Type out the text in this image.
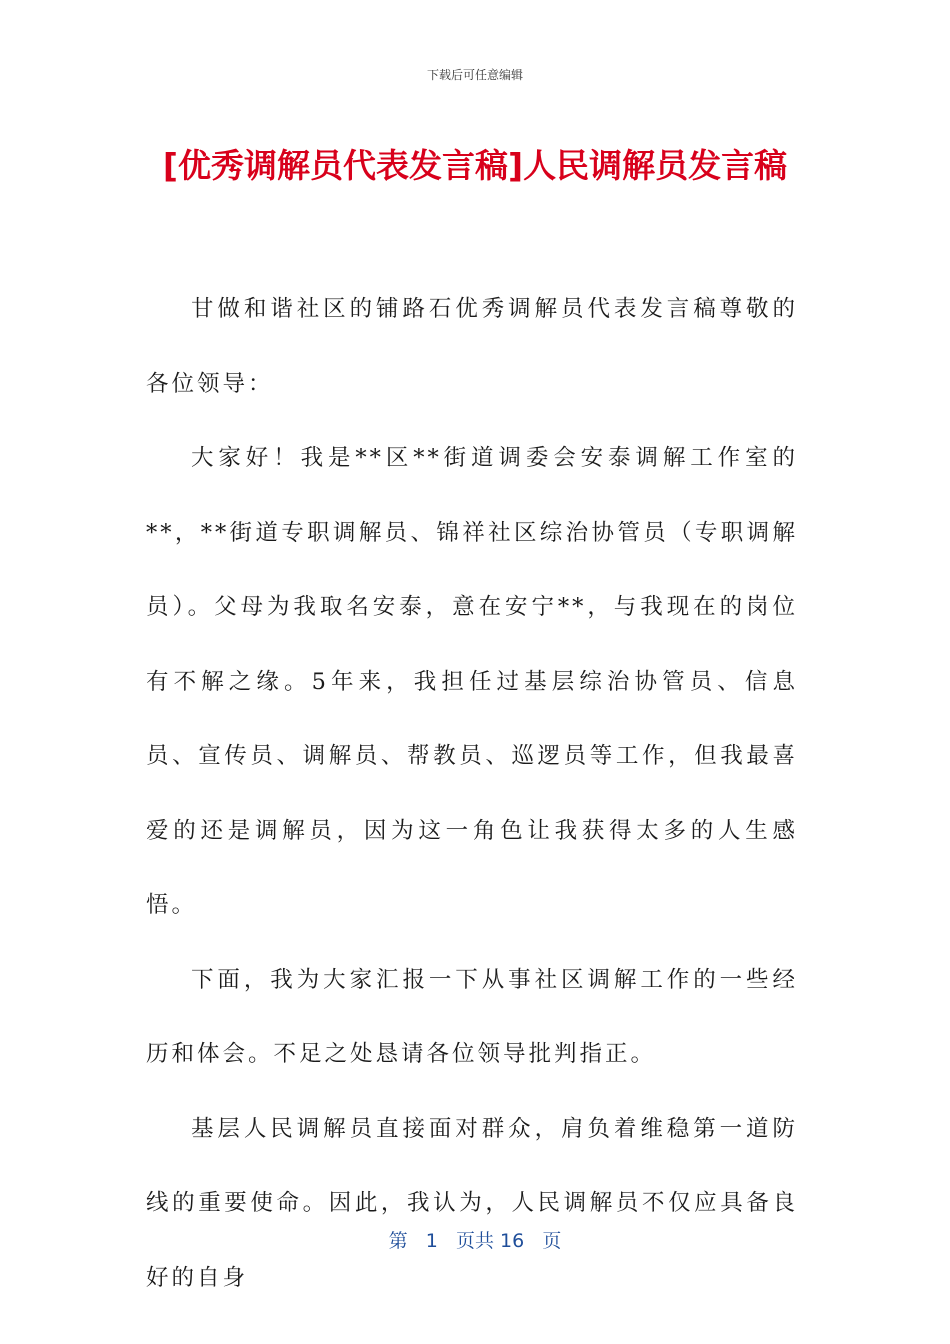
下载后可任意编辑
[优秀调解员代表发言稿]人民调解员发言稿

甘做和谐社区的铺路石优秀调解员代表发言稿尊敬的各位领导：

大家好！我是**区**街道调委会安泰调解工作室的**，**街道专职调解员、锦祥社区综治协管员（专职调解员）。父母为我取名安泰，意在安宁**，与我现在的岗位有不解之缘。5年来，我担任过基层综治协管员、信息员、宣传员、调解员、帮教员、巡逻员等工作，但我最喜爱的还是调解员，因为这一角色让我获得太多的人生感悟。

下面，我为大家汇报一下从事社区调解工作的一些经历和体会。不足之处恳请各位领导批判指正。

基层人民调解员直接面对群众，肩负着维稳第一道防线的重要使命。因此，我认为，人民调解员不仅应具备良好的自身

第 1 页共 16 页
